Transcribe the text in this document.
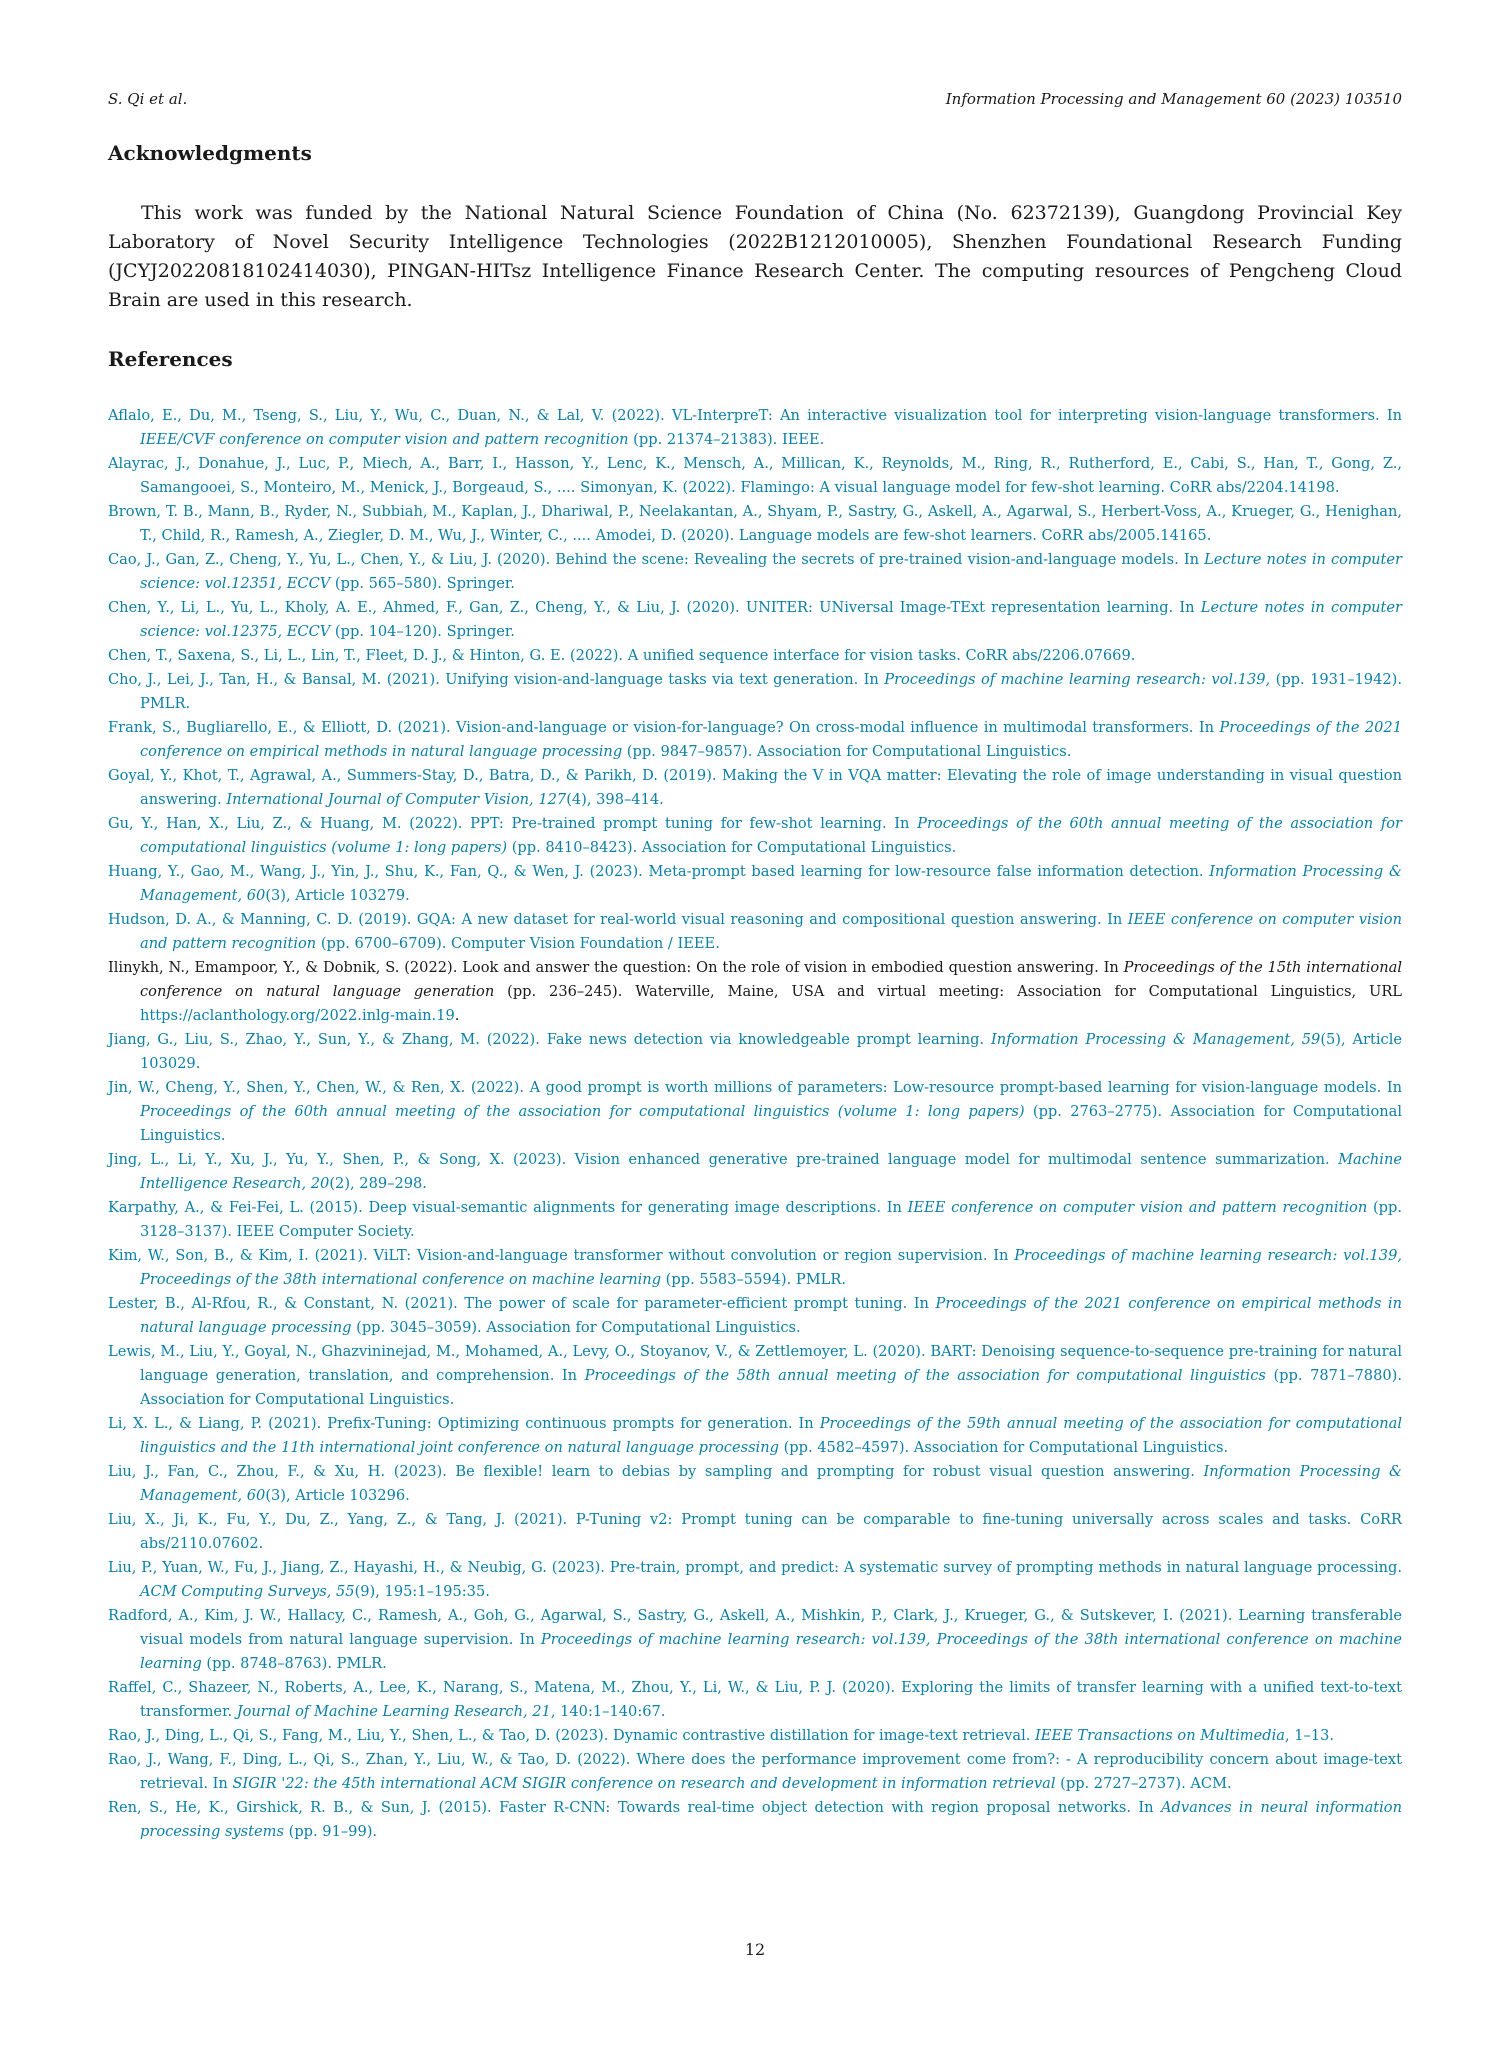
S. Qi et al.	Information Processing and Management 60 (2023) 103510
Acknowledgments

This work was funded by the National Natural Science Foundation of China (No. 62372139), Guangdong Provincial Key Laboratory of Novel Security Intelligence Technologies (2022B1212010005), Shenzhen Foundational Research Funding (JCYJ20220818102414030), PINGAN-HITsz Intelligence Finance Research Center. The computing resources of Pengcheng Cloud Brain are used in this research.

References
Aflalo, E., Du, M., Tseng, S., Liu, Y., Wu, C., Duan, N., & Lal, V. (2022). VL-InterpreT: An interactive visualization tool for interpreting vision-language transformers. In IEEE/CVF conference on computer vision and pattern recognition (pp. 21374–21383). IEEE.
Alayrac, J., Donahue, J., Luc, P., Miech, A., Barr, I., Hasson, Y., Lenc, K., Mensch, A., Millican, K., Reynolds, M., Ring, R., Rutherford, E., Cabi, S., Han, T., Gong, Z., Samangooei, S., Monteiro, M., Menick, J., Borgeaud, S., .... Simonyan, K. (2022). Flamingo: A visual language model for few-shot learning. CoRR abs/2204.14198.
Brown, T. B., Mann, B., Ryder, N., Subbiah, M., Kaplan, J., Dhariwal, P., Neelakantan, A., Shyam, P., Sastry, G., Askell, A., Agarwal, S., Herbert-Voss, A., Krueger, G., Henighan, T., Child, R., Ramesh, A., Ziegler, D. M., Wu, J., Winter, C., .... Amodei, D. (2020). Language models are few-shot learners. CoRR abs/2005.14165.
Cao, J., Gan, Z., Cheng, Y., Yu, L., Chen, Y., & Liu, J. (2020). Behind the scene: Revealing the secrets of pre-trained vision-and-language models. In Lecture notes in computer science: vol.12351, ECCV (pp. 565–580). Springer.
Chen, Y., Li, L., Yu, L., Kholy, A. E., Ahmed, F., Gan, Z., Cheng, Y., & Liu, J. (2020). UNITER: UNiversal Image-TExt representation learning. In Lecture notes in computer science: vol.12375, ECCV (pp. 104–120). Springer.
Chen, T., Saxena, S., Li, L., Lin, T., Fleet, D. J., & Hinton, G. E. (2022). A unified sequence interface for vision tasks. CoRR abs/2206.07669.
Cho, J., Lei, J., Tan, H., & Bansal, M. (2021). Unifying vision-and-language tasks via text generation. In Proceedings of machine learning research: vol.139, (pp. 1931–1942). PMLR.
Frank, S., Bugliarello, E., & Elliott, D. (2021). Vision-and-language or vision-for-language? On cross-modal influence in multimodal transformers. In Proceedings of the 2021 conference on empirical methods in natural language processing (pp. 9847–9857). Association for Computational Linguistics.
Goyal, Y., Khot, T., Agrawal, A., Summers-Stay, D., Batra, D., & Parikh, D. (2019). Making the V in VQA matter: Elevating the role of image understanding in visual question answering. International Journal of Computer Vision, 127(4), 398–414.
Gu, Y., Han, X., Liu, Z., & Huang, M. (2022). PPT: Pre-trained prompt tuning for few-shot learning. In Proceedings of the 60th annual meeting of the association for computational linguistics (volume 1: long papers) (pp. 8410–8423). Association for Computational Linguistics.
Huang, Y., Gao, M., Wang, J., Yin, J., Shu, K., Fan, Q., & Wen, J. (2023). Meta-prompt based learning for low-resource false information detection. Information Processing & Management, 60(3), Article 103279.
Hudson, D. A., & Manning, C. D. (2019). GQA: A new dataset for real-world visual reasoning and compositional question answering. In IEEE conference on computer vision and pattern recognition (pp. 6700–6709). Computer Vision Foundation / IEEE.
Ilinykh, N., Emampoor, Y., & Dobnik, S. (2022). Look and answer the question: On the role of vision in embodied question answering. In Proceedings of the 15th international conference on natural language generation (pp. 236–245). Waterville, Maine, USA and virtual meeting: Association for Computational Linguistics, URL https://aclanthology.org/2022.inlg-main.19.
Jiang, G., Liu, S., Zhao, Y., Sun, Y., & Zhang, M. (2022). Fake news detection via knowledgeable prompt learning. Information Processing & Management, 59(5), Article 103029.
Jin, W., Cheng, Y., Shen, Y., Chen, W., & Ren, X. (2022). A good prompt is worth millions of parameters: Low-resource prompt-based learning for vision-language models. In Proceedings of the 60th annual meeting of the association for computational linguistics (volume 1: long papers) (pp. 2763–2775). Association for Computational Linguistics.
Jing, L., Li, Y., Xu, J., Yu, Y., Shen, P., & Song, X. (2023). Vision enhanced generative pre-trained language model for multimodal sentence summarization. Machine Intelligence Research, 20(2), 289–298.
Karpathy, A., & Fei-Fei, L. (2015). Deep visual-semantic alignments for generating image descriptions. In IEEE conference on computer vision and pattern recognition (pp. 3128–3137). IEEE Computer Society.
Kim, W., Son, B., & Kim, I. (2021). ViLT: Vision-and-language transformer without convolution or region supervision. In Proceedings of machine learning research: vol.139, Proceedings of the 38th international conference on machine learning (pp. 5583–5594). PMLR.
Lester, B., Al-Rfou, R., & Constant, N. (2021). The power of scale for parameter-efficient prompt tuning. In Proceedings of the 2021 conference on empirical methods in natural language processing (pp. 3045–3059). Association for Computational Linguistics.
Lewis, M., Liu, Y., Goyal, N., Ghazvininejad, M., Mohamed, A., Levy, O., Stoyanov, V., & Zettlemoyer, L. (2020). BART: Denoising sequence-to-sequence pre-training for natural language generation, translation, and comprehension. In Proceedings of the 58th annual meeting of the association for computational linguistics (pp. 7871–7880). Association for Computational Linguistics.
Li, X. L., & Liang, P. (2021). Prefix-Tuning: Optimizing continuous prompts for generation. In Proceedings of the 59th annual meeting of the association for computational linguistics and the 11th international joint conference on natural language processing (pp. 4582–4597). Association for Computational Linguistics.
Liu, J., Fan, C., Zhou, F., & Xu, H. (2023). Be flexible! learn to debias by sampling and prompting for robust visual question answering. Information Processing & Management, 60(3), Article 103296.
Liu, X., Ji, K., Fu, Y., Du, Z., Yang, Z., & Tang, J. (2021). P-Tuning v2: Prompt tuning can be comparable to fine-tuning universally across scales and tasks. CoRR abs/2110.07602.
Liu, P., Yuan, W., Fu, J., Jiang, Z., Hayashi, H., & Neubig, G. (2023). Pre-train, prompt, and predict: A systematic survey of prompting methods in natural language processing. ACM Computing Surveys, 55(9), 195:1–195:35.
Radford, A., Kim, J. W., Hallacy, C., Ramesh, A., Goh, G., Agarwal, S., Sastry, G., Askell, A., Mishkin, P., Clark, J., Krueger, G., & Sutskever, I. (2021). Learning transferable visual models from natural language supervision. In Proceedings of machine learning research: vol.139, Proceedings of the 38th international conference on machine learning (pp. 8748–8763). PMLR.
Raffel, C., Shazeer, N., Roberts, A., Lee, K., Narang, S., Matena, M., Zhou, Y., Li, W., & Liu, P. J. (2020). Exploring the limits of transfer learning with a unified text-to-text transformer. Journal of Machine Learning Research, 21, 140:1–140:67.
Rao, J., Ding, L., Qi, S., Fang, M., Liu, Y., Shen, L., & Tao, D. (2023). Dynamic contrastive distillation for image-text retrieval. IEEE Transactions on Multimedia, 1–13.
Rao, J., Wang, F., Ding, L., Qi, S., Zhan, Y., Liu, W., & Tao, D. (2022). Where does the performance improvement come from?: - A reproducibility concern about image-text retrieval. In SIGIR '22: the 45th international ACM SIGIR conference on research and development in information retrieval (pp. 2727–2737). ACM.
Ren, S., He, K., Girshick, R. B., & Sun, J. (2015). Faster R-CNN: Towards real-time object detection with region proposal networks. In Advances in neural information processing systems (pp. 91–99).
12
